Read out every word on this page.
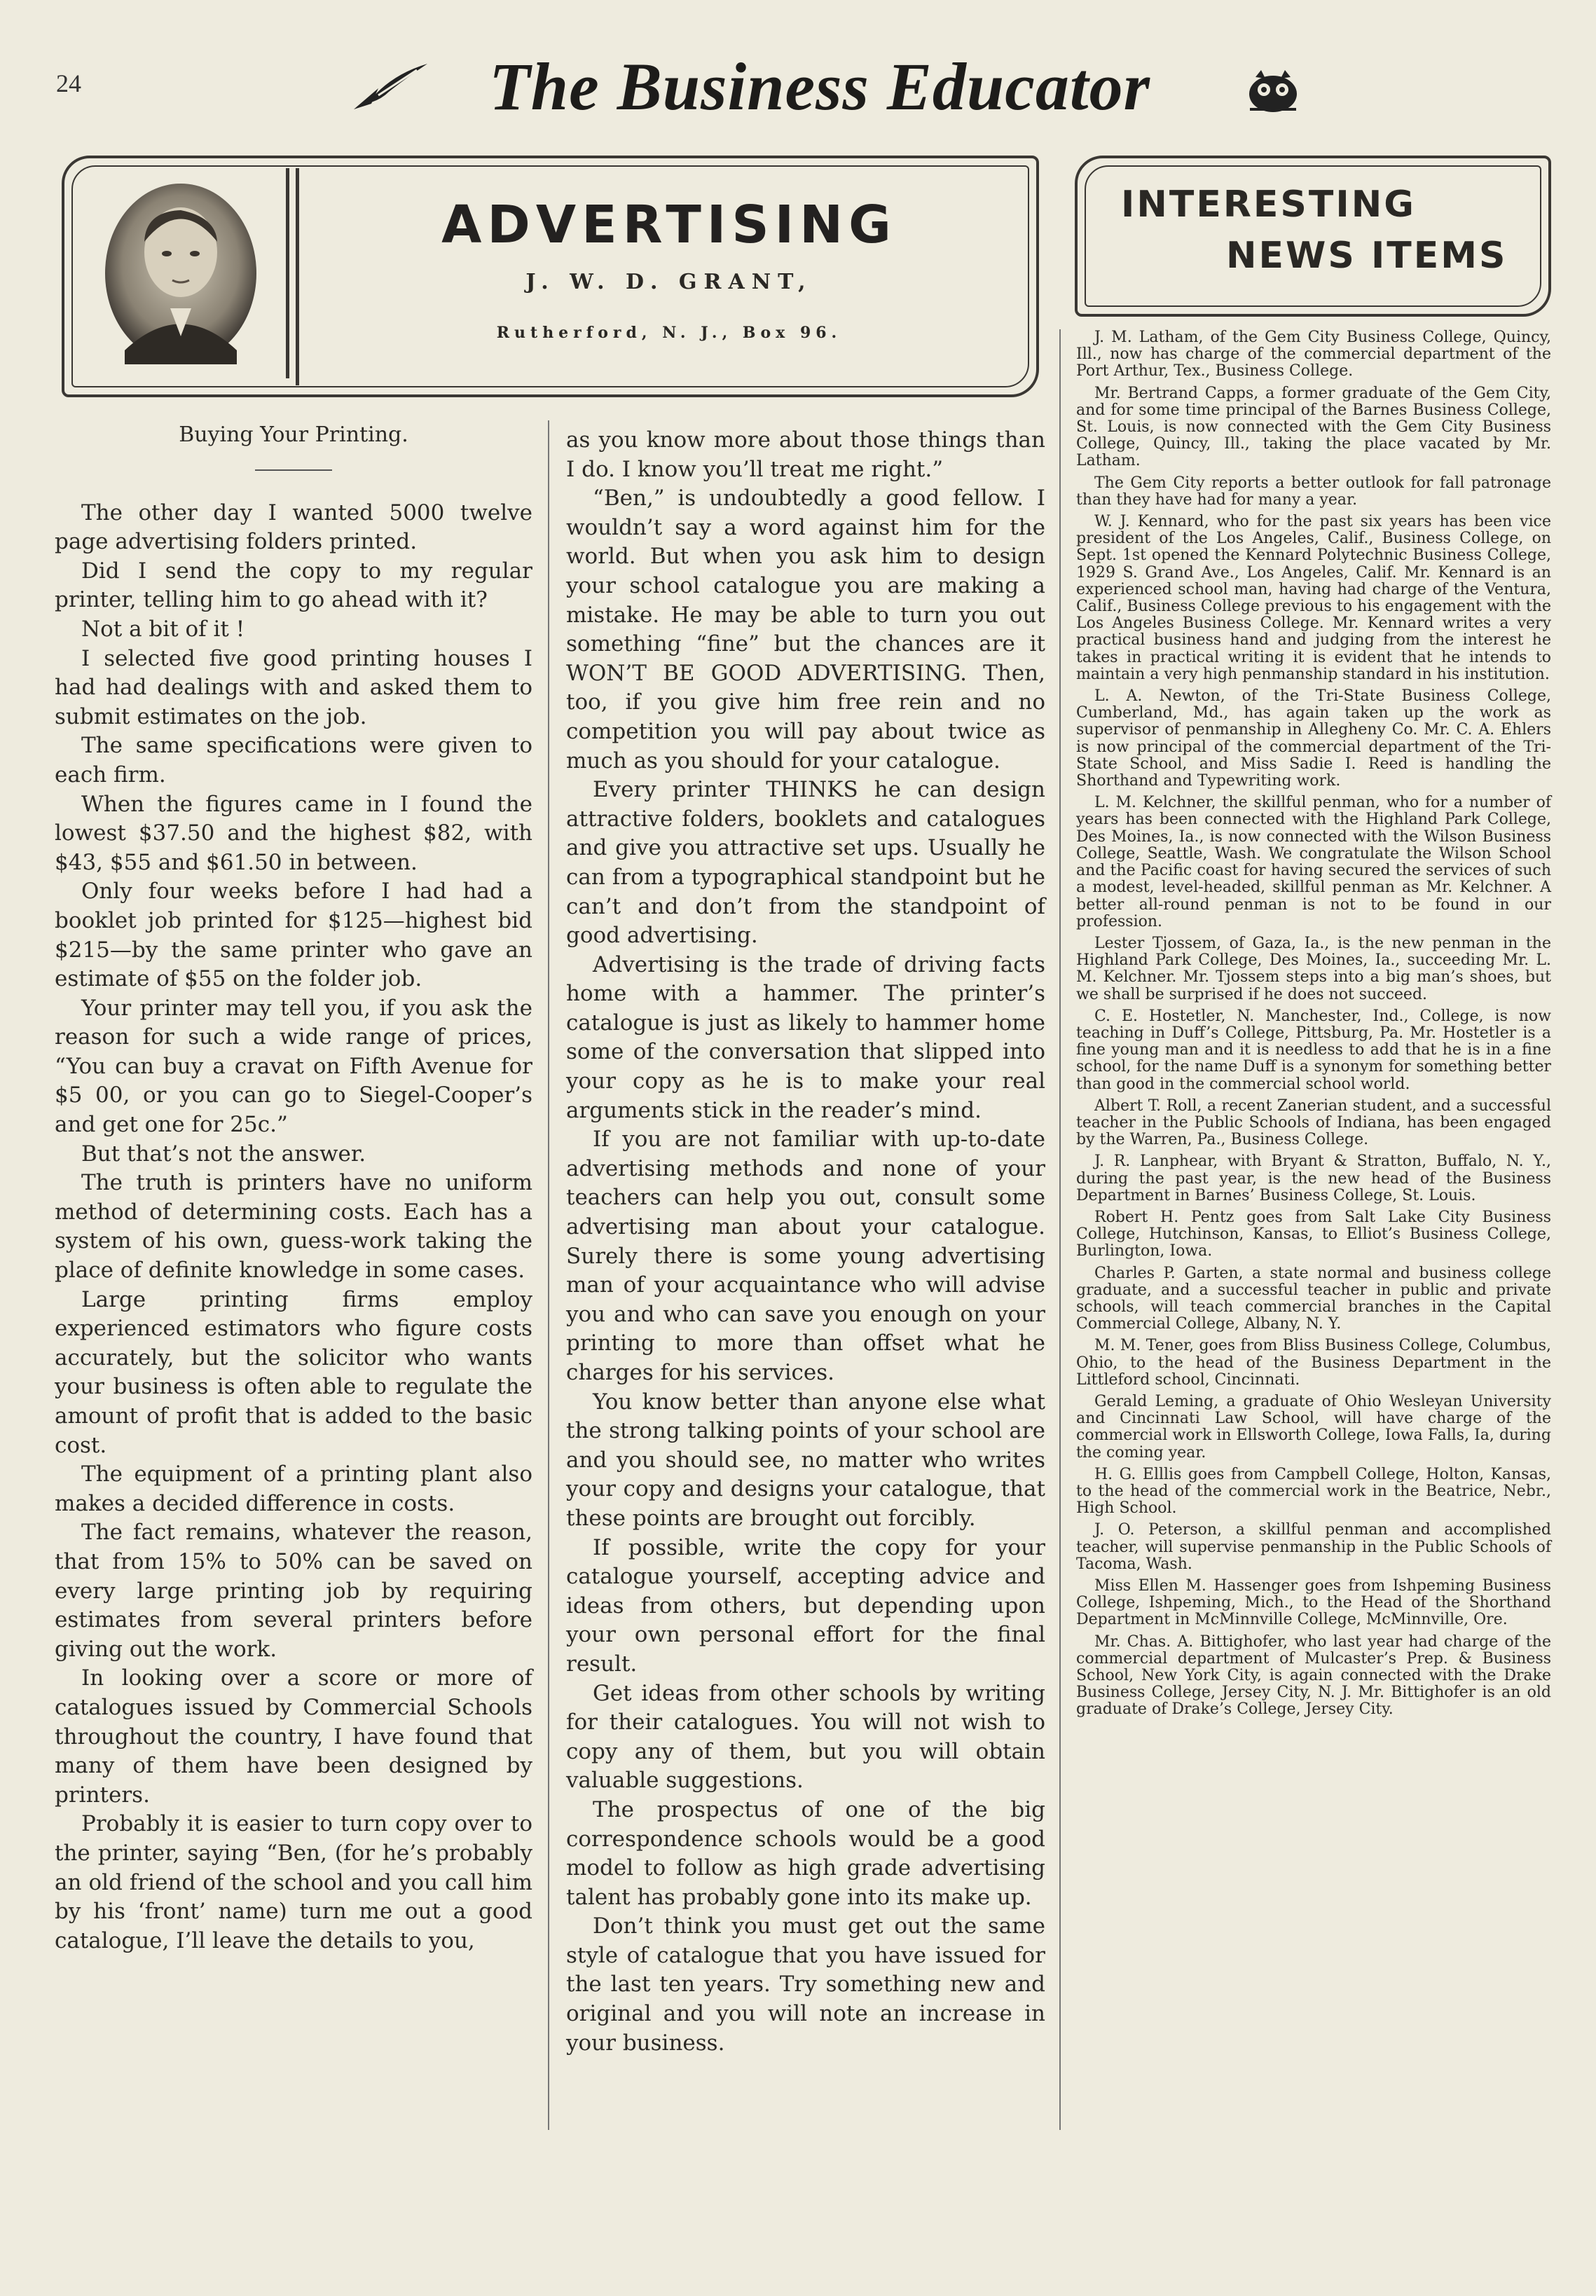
24	The Business Educator
ADVERTISING
J. W. D. GRANT,
Rutherford, N. J., Box 96.
INTERESTING
NEWS ITEMS
Buying Your Printing.

The other day I wanted 5000 twelve page advertising folders printed.

Did I send the copy to my regular printer, telling him to go ahead with it?

Not a bit of it !

I selected five good printing houses I had had dealings with and asked them to submit estimates on the job.

The same specifications were given to each firm.

When the figures came in I found the lowest $37.50 and the highest $82, with $43, $55 and $61.50 in between.

Only four weeks before I had had a booklet job printed for $125—highest bid $215—by the same printer who gave an estimate of $55 on the folder job.

Your printer may tell you, if you ask the reason for such a wide range of prices, “You can buy a cravat on Fifth Avenue for $5 00, or you can go to Siegel-Cooper’s and get one for 25c.”

But that’s not the answer.

The truth is printers have no uniform method of determining costs. Each has a system of his own, guess-work taking the place of definite knowledge in some cases.

Large printing firms employ experienced estimators who figure costs accurately, but the solicitor who wants your business is often able to regulate the amount of profit that is added to the basic cost.

The equipment of a printing plant also makes a decided difference in costs.

The fact remains, whatever the reason, that from 15% to 50% can be saved on every large printing job by requiring estimates from several printers before giving out the work.

In looking over a score or more of catalogues issued by Commercial Schools throughout the country, I have found that many of them have been designed by printers.

Probably it is easier to turn copy over to the printer, saying “Ben, (for he’s probably an old friend of the school and you call him by his ‘front’ name) turn me out a good catalogue, I’ll leave the details to you,

as you know more about those things than I do. I know you’ll treat me right.”

“Ben,” is undoubtedly a good fellow. I wouldn’t say a word against him for the world. But when you ask him to design your school catalogue you are making a mistake. He may be able to turn you out something “fine” but the chances are it WON’T BE GOOD ADVERTISING. Then, too, if you give him free rein and no competition you will pay about twice as much as you should for your catalogue.

Every printer THINKS he can design attractive folders, booklets and catalogues and give you attractive set ups. Usually he can from a typographical standpoint but he can’t and don’t from the standpoint of good advertising.

Advertising is the trade of driving facts home with a hammer. The printer’s catalogue is just as likely to hammer home some of the conversation that slipped into your copy as he is to make your real arguments stick in the reader’s mind.

If you are not familiar with up-to-date advertising methods and none of your teachers can help you out, consult some advertising man about your catalogue. Surely there is some young advertising man of your acquaintance who will advise you and who can save you enough on your printing to more than offset what he charges for his services.

You know better than anyone else what the strong talking points of your school are and you should see, no matter who writes your copy and designs your catalogue, that these points are brought out forcibly.

If possible, write the copy for your catalogue yourself, accepting advice and ideas from others, but depending upon your own personal effort for the final result.

Get ideas from other schools by writing for their catalogues. You will not wish to copy any of them, but you will obtain valuable suggestions.

The prospectus of one of the big correspondence schools would be a good model to follow as high grade advertising talent has probably gone into its make up.

Don’t think you must get out the same style of catalogue that you have issued for the last ten years. Try something new and original and you will note an increase in your business.

J. M. Latham, of the Gem City Business College, Quincy, Ill., now has charge of the commercial department of the Port Arthur, Tex., Business College.

Mr. Bertrand Capps, a former graduate of the Gem City, and for some time principal of the Barnes Business College, St. Louis, is now connected with the Gem City Business College, Quincy, Ill., taking the place vacated by Mr. Latham.

The Gem City reports a better outlook for fall patronage than they have had for many a year.

W. J. Kennard, who for the past six years has been vice president of the Los Angeles, Calif., Business College, on Sept. 1st opened the Kennard Polytechnic Business College, 1929 S. Grand Ave., Los Angeles, Calif. Mr. Kennard is an experienced school man, having had charge of the Ventura, Calif., Business College previous to his engagement with the Los Angeles Business College. Mr. Kennard writes a very practical business hand and judging from the interest he takes in practical writing it is evident that he intends to maintain a very high penmanship standard in his institution.

L. A. Newton, of the Tri-State Business College, Cumberland, Md., has again taken up the work as supervisor of penmanship in Allegheny Co. Mr. C. A. Ehlers is now principal of the commercial department of the Tri-State School, and Miss Sadie I. Reed is handling the Shorthand and Typewriting work.

L. M. Kelchner, the skillful penman, who for a number of years has been connected with the Highland Park College, Des Moines, Ia., is now connected with the Wilson Business College, Seattle, Wash. We congratulate the Wilson School and the Pacific coast for having secured the services of such a modest, level-headed, skillful penman as Mr. Kelchner. A better all-round penman is not to be found in our profession.

Lester Tjossem, of Gaza, Ia., is the new penman in the Highland Park College, Des Moines, Ia., succeeding Mr. L. M. Kelchner. Mr. Tjossem steps into a big man’s shoes, but we shall be surprised if he does not succeed.

C. E. Hostetler, N. Manchester, Ind., College, is now teaching in Duff’s College, Pittsburg, Pa. Mr. Hostetler is a fine young man and it is needless to add that he is in a fine school, for the name Duff is a synonym for something better than good in the commercial school world.

Albert T. Roll, a recent Zanerian student, and a successful teacher in the Public Schools of Indiana, has been engaged by the Warren, Pa., Business College.

J. R. Lanphear, with Bryant & Stratton, Buffalo, N. Y., during the past year, is the new head of the Business Department in Barnes’ Business College, St. Louis.

Robert H. Pentz goes from Salt Lake City Business College, Hutchinson, Kansas, to Elliot’s Business College, Burlington, Iowa.

Charles P. Garten, a state normal and business college graduate, and a successful teacher in public and private schools, will teach commercial branches in the Capital Commercial College, Albany, N. Y.

M. M. Tener, goes from Bliss Business College, Columbus, Ohio, to the head of the Business Department in the Littleford school, Cincinnati.

Gerald Leming, a graduate of Ohio Wesleyan University and Cincinnati Law School, will have charge of the commercial work in Ellsworth College, Iowa Falls, Ia, during the coming year.

H. G. Elllis goes from Campbell College, Holton, Kansas, to the head of the commercial work in the Beatrice, Nebr., High School.

J. O. Peterson, a skillful penman and accomplished teacher, will supervise penmanship in the Public Schools of Tacoma, Wash.

Miss Ellen M. Hassenger goes from Ishpeming Business College, Ishpeming, Mich., to the Head of the Shorthand Department in McMinnville College, McMinnville, Ore.

Mr. Chas. A. Bittighofer, who last year had charge of the commercial department of Mulcaster’s Prep. & Business School, New York City, is again connected with the Drake Business College, Jersey City, N. J. Mr. Bittighofer is an old graduate of Drake’s College, Jersey City.
